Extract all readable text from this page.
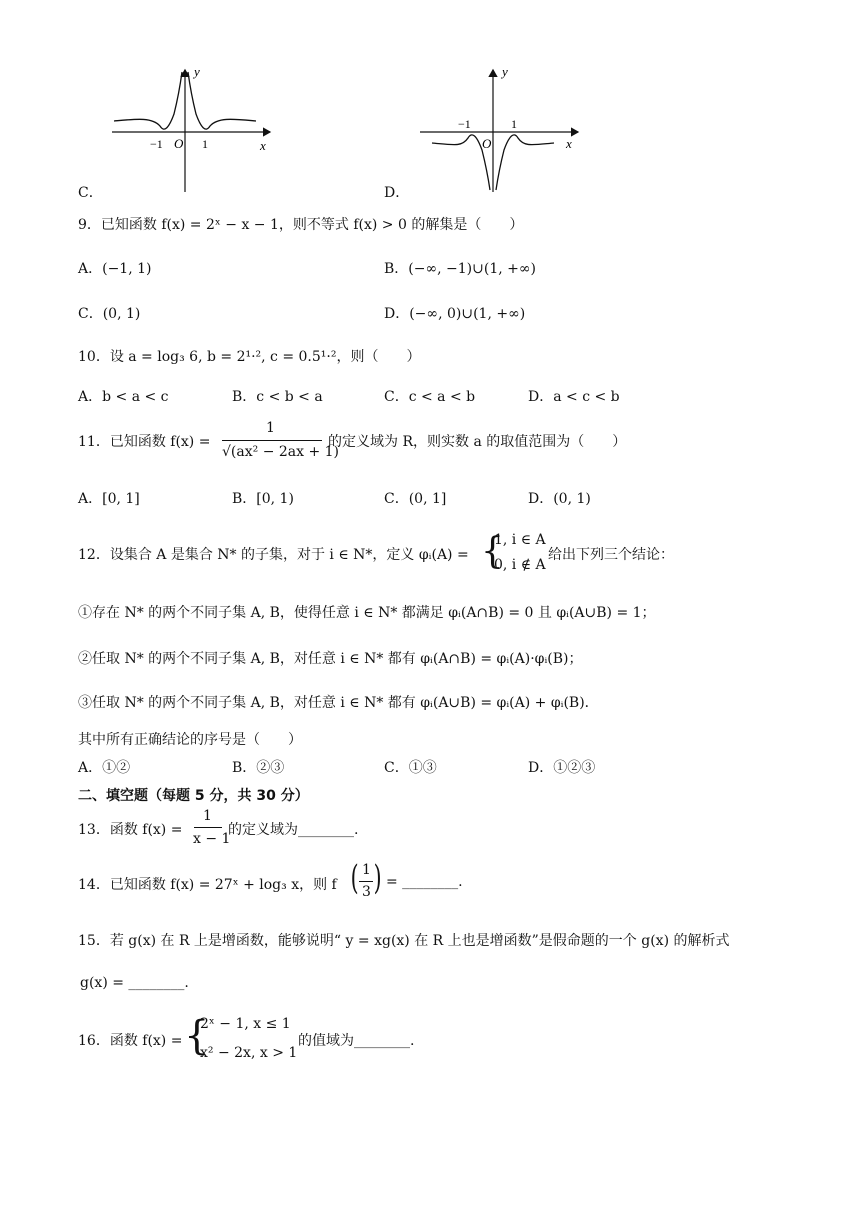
y
x
O
−1	1
C．
y
x
O
−1	1
D．
9．已知函数 f(x) = 2ˣ − x − 1，则不等式 f(x) > 0 的解集是（　　）
A．(−1, 1)	B．(−∞, −1)∪(1, +∞)
C．(0, 1)	D．(−∞, 0)∪(1, +∞)
10．设 a = log₃ 6, b = 2¹·², c = 0.5¹·²，则（　　）
A．b < a < c	B．c < b < a	C．c < a < b	D．a < c < b
11．已知函数 f(x) =
1
√(ax² − 2ax + 1)
的定义域为 R，则实数 a 的取值范围为（　　）
A．[0, 1]	B．[0, 1)	C．(0, 1]	D．(0, 1)
12．设集合 A 是集合 N* 的子集，对于 i ∈ N*，定义 φᵢ(A) = {
1, i ∈ A
0, i ∉ A
给出下列三个结论：
①存在 N* 的两个不同子集 A, B，使得任意 i ∈ N* 都满足 φᵢ(A∩B) = 0 且 φᵢ(A∪B) = 1；
②任取 N* 的两个不同子集 A, B，对任意 i ∈ N* 都有 φᵢ(A∩B) = φᵢ(A)·φᵢ(B)；
③任取 N* 的两个不同子集 A, B，对任意 i ∈ N* 都有 φᵢ(A∪B) = φᵢ(A) + φᵢ(B)．
其中所有正确结论的序号是（　　）
A．①②	B．②③	C．①③	D．①②③
二、填空题（每题 5 分，共 30 分）
13．函数 f(x) =
1
x − 1
的定义域为________.
14．已知函数 f(x) = 27ˣ + log₃ x，则 f ( 1
3 ) = ________.
15．若 g(x) 在 R 上是增函数，能够说明“ y = xg(x) 在 R 上也是增函数”是假命题的一个 g(x) 的解析式
g(x) = ________.
16．函数 f(x) = {
2ˣ − 1, x ≤ 1
x² − 2x, x > 1
的值域为________.
